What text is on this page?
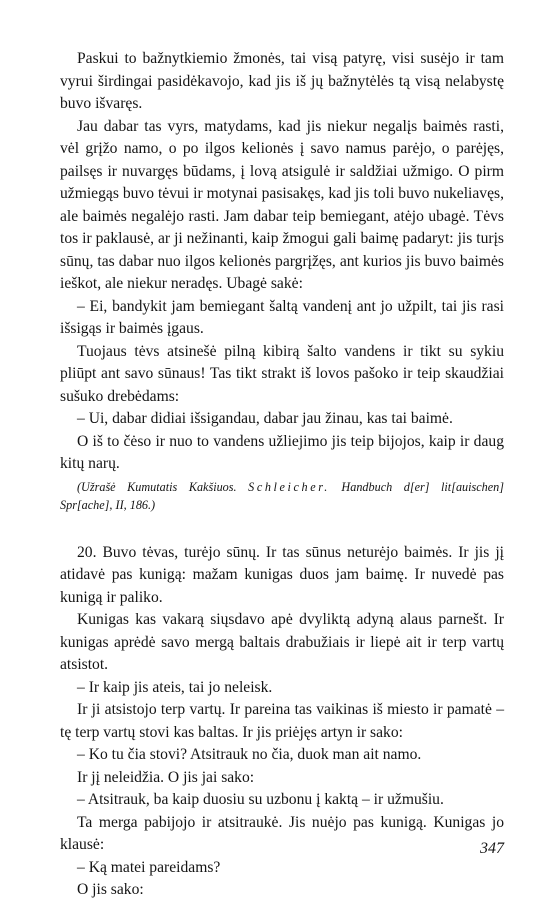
Paskui to bažnytkiemio žmonės, tai visą patyrę, visi susėjo ir tam vyrui širdingai pasidėkavojo, kad jis iš jų bažnytėlės tą visą nelabystę buvo išvaręs.

Jau dabar tas vyrs, matydams, kad jis niekur negalįs baimės rasti, vėl grįžo namo, o po ilgos kelionės į savo namus parėjo, o parėjęs, pailsęs ir nuvargęs būdams, į lovą atsigulė ir saldžiai užmigo. O pirm užmiegąs buvo tėvui ir motynai pasisakęs, kad jis toli buvo nukeliavęs, ale baimės negalėjo rasti. Jam dabar teip bemiegant, atėjo ubagė. Tėvs tos ir paklausė, ar ji nežinanti, kaip žmogui gali baimę padaryt: jis turįs sūnų, tas dabar nuo ilgos kelionės pargrįžęs, ant kurios jis buvo baimės ieškot, ale niekur neradęs. Ubagė sakė:

– Ei, bandykit jam bemiegant šaltą vandenį ant jo užpilt, tai jis rasi išsigąs ir baimės įgaus.

Tuojaus tėvs atsinešė pilną kibirą šalto vandens ir tikt su sykiu pliūpt ant savo sūnaus! Tas tikt strakt iš lovos pašoko ir teip skaudžiai sušuko drebėdams:

– Ui, dabar didiai išsigandau, dabar jau žinau, kas tai baimė.

O iš to čėso ir nuo to vandens užliejimo jis teip bijojos, kaip ir daug kitų narų.

(Užrašė Kumutatis Kakšiuos. Schleicher. Handbuch d[er] lit[auischen] Spr[ache], II, 186.)

20. Buvo tėvas, turėjo sūnų. Ir tas sūnus neturėjo baimės. Ir jis jį atidavė pas kunigą: mažam kunigas duos jam baimę. Ir nuvedė pas kunigą ir paliko.

Kunigas kas vakarą siųsdavo apė dvyliktą adyną alaus parnešt. Ir kunigas aprėdė savo mergą baltais drabužiais ir liepė ait ir terp vartų atsistot.

– Ir kaip jis ateis, tai jo neleisk.

Ir ji atsistojo terp vartų. Ir pareina tas vaikinas iš miesto ir pamatė – tę terp vartų stovi kas baltas. Ir jis priėjęs artyn ir sako:

– Ko tu čia stovi? Atsitrauk no čia, duok man ait namo.

Ir jį neleidžia. O jis jai sako:

– Atsitrauk, ba kaip duosiu su uzbonu į kaktą – ir užmušiu.

Ta merga pabijojo ir atsitraukė. Jis nuėjo pas kunigą. Kunigas jo klausė:

– Ką matei pareidams?

O jis sako:

347
